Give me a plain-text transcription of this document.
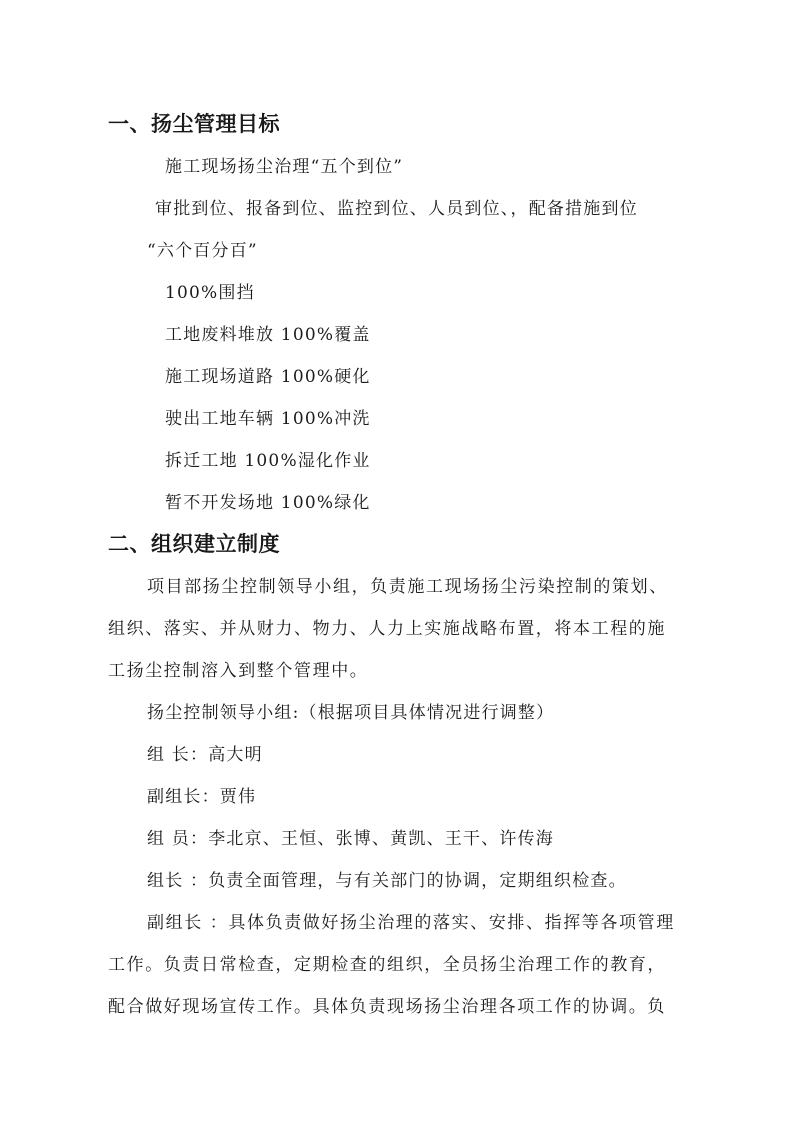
一、扬尘管理目标
施工现场扬尘治理“五个到位”
审批到位、报备到位、监控到位、人员到位、，配备措施到位
“六个百分百”
100%围挡
工地废料堆放 100%覆盖
施工现场道路 100%硬化
驶出工地车辆 100%冲洗
拆迁工地 100%湿化作业
暂不开发场地 100%绿化
二、组织建立制度
项目部扬尘控制领导小组，负责施工现场扬尘污染控制的策划、
组织、落实、并从财力、物力、人力上实施战略布置，将本工程的施
工扬尘控制溶入到整个管理中。
扬尘控制领导小组:（根据项目具体情况进行调整）
组 长：高大明
副组长：贾伟
组 员：李北京、王恒、张博、黄凯、王干、许传海
组长 ：负责全面管理，与有关部门的协调，定期组织检查。
副组长 ：具体负责做好扬尘治理的落实、安排、指挥等各项管理
工作。负责日常检查，定期检查的组织，全员扬尘治理工作的教育，
配合做好现场宣传工作。具体负责现场扬尘治理各项工作的协调。负
